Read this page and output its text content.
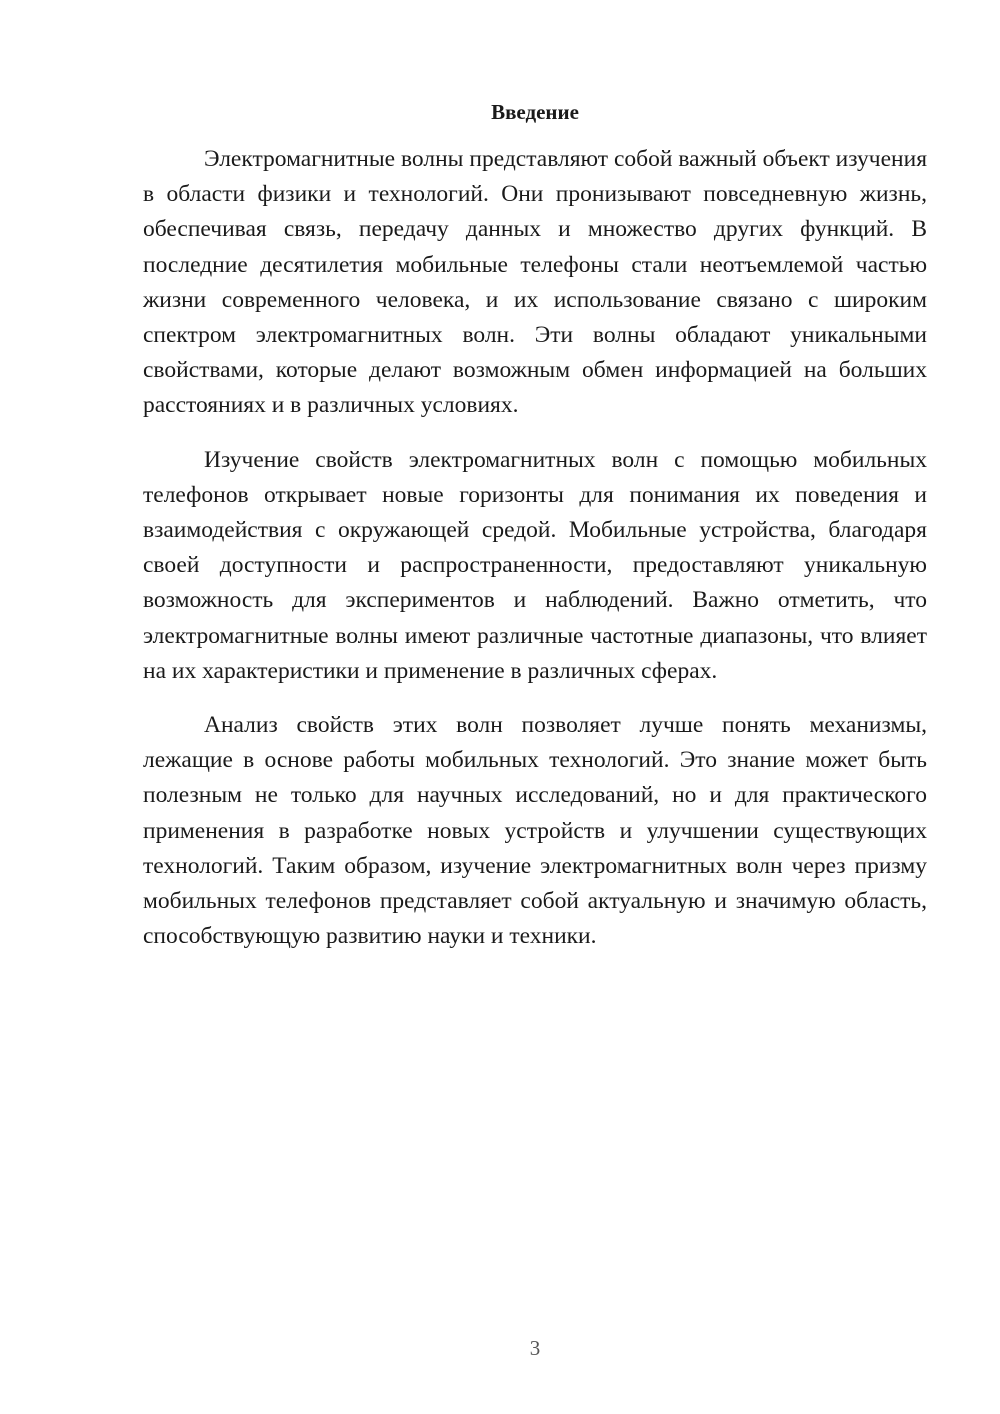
Введение

Электромагнитные волны представляют собой важный объект изучения в области физики и технологий. Они пронизывают повседневную жизнь, обеспечивая связь, передачу данных и множество других функций. В последние десятилетия мобильные телефоны стали неотъемлемой частью жизни современного человека, и их использование связано с широким спектром электромагнитных волн. Эти волны обладают уникальными свойствами, которые делают возможным обмен информацией на больших расстояниях и в различных условиях.

Изучение свойств электромагнитных волн с помощью мобильных телефонов открывает новые горизонты для понимания их поведения и взаимодействия с окружающей средой. Мобильные устройства, благодаря своей доступности и распространенности, предоставляют уникальную возможность для экспериментов и наблюдений. Важно отметить, что электромагнитные волны имеют различные частотные диапазоны, что влияет на их характеристики и применение в различных сферах.

Анализ свойств этих волн позволяет лучше понять механизмы, лежащие в основе работы мобильных технологий. Это знание может быть полезным не только для научных исследований, но и для практического применения в разработке новых устройств и улучшении существующих технологий. Таким образом, изучение электромагнитных волн через призму мобильных телефонов представляет собой актуальную и значимую область, способствующую развитию науки и техники.

3
